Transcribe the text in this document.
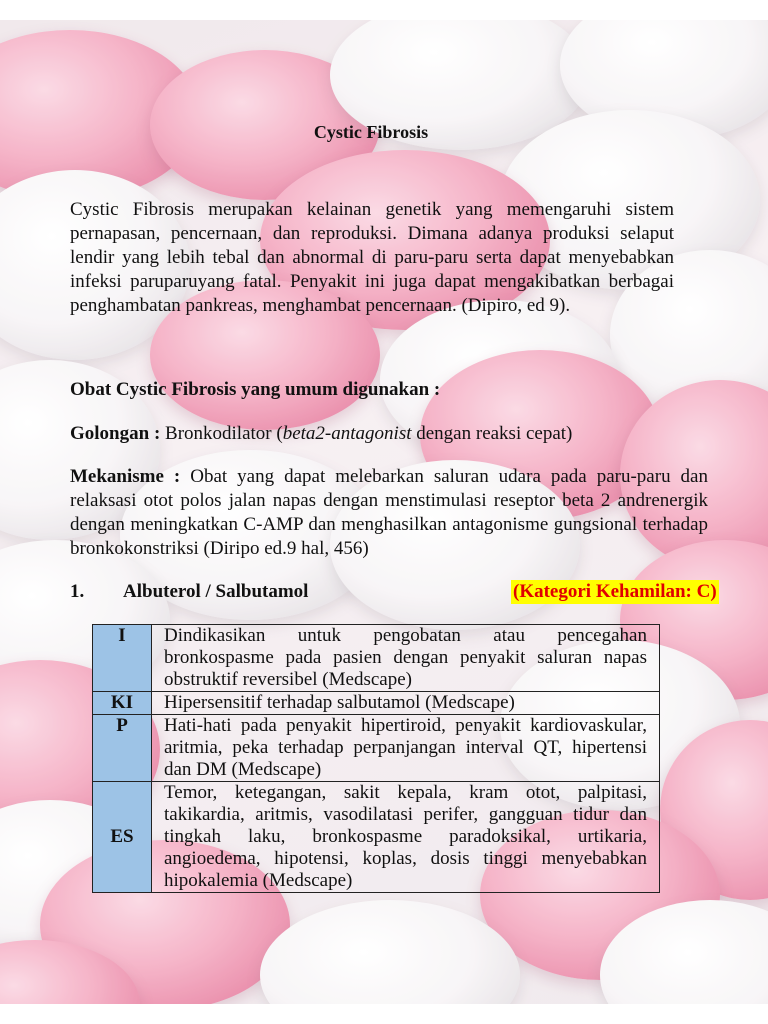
Cystic Fibrosis
Cystic Fibrosis merupakan kelainan genetik yang memengaruhi sistem pernapasan, pencernaan, dan reproduksi. Dimana adanya produksi selaput lendir yang lebih tebal dan abnormal di paru-paru serta dapat menyebabkan infeksi paruparuyang fatal. Penyakit ini juga dapat mengakibatkan berbagai penghambatan pankreas, menghambat pencernaan. (Dipiro, ed 9).
Obat Cystic Fibrosis yang umum digunakan :
Golongan : Bronkodilator (beta2-antagonist dengan reaksi cepat)
Mekanisme : Obat yang dapat melebarkan saluran udara pada paru-paru dan relaksasi otot polos jalan napas dengan menstimulasi reseptor beta 2 andrenergik dengan meningkatkan C-AMP dan menghasilkan antagonisme gungsional terhadap bronkokonstriksi (Diripo ed.9 hal, 456)
1. Albuterol / Salbutamol	(Kategori Kehamilan: C)
I	Dindikasikan untuk pengobatan atau pencegahan bronkospasme pada pasien dengan penyakit saluran napas obstruktif reversibel (Medscape)
KI	Hipersensitif terhadap salbutamol (Medscape)
P	Hati-hati pada penyakit hipertiroid, penyakit kardiovaskular, aritmia, peka terhadap perpanjangan interval QT, hipertensi dan DM (Medscape)
ES	Temor, ketegangan, sakit kepala, kram otot, palpitasi, takikardia, aritmis, vasodilatasi perifer, gangguan tidur dan tingkah laku, bronkospasme paradoksikal, urtikaria, angioedema, hipotensi, koplas, dosis tinggi menyebabkan hipokalemia (Medscape)
